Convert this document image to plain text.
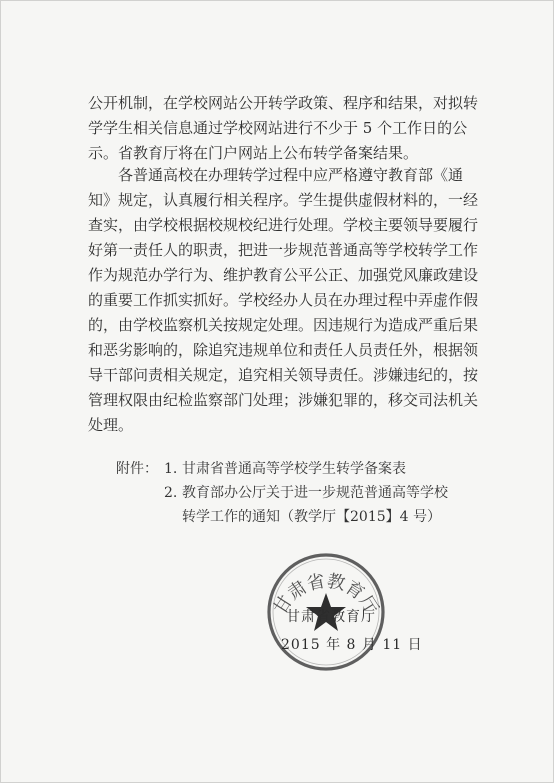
公开机制，在学校网站公开转学政策、程序和结果，对拟转
学学生相关信息通过学校网站进行不少于 5 个工作日的公
示。省教育厅将在门户网站上公布转学备案结果。
各普通高校在办理转学过程中应严格遵守教育部《通
知》规定，认真履行相关程序。学生提供虚假材料的，一经
查实，由学校根据校规校纪进行处理。学校主要领导要履行
好第一责任人的职责，把进一步规范普通高等学校转学工作
作为规范办学行为、维护教育公平公正、加强党风廉政建设
的重要工作抓实抓好。学校经办人员在办理过程中弄虚作假
的，由学校监察机关按规定处理。因违规行为造成严重后果
和恶劣影响的，除追究违规单位和责任人员责任外，根据领
导干部问责相关规定，追究相关领导责任。涉嫌违纪的，按
管理权限由纪检监察部门处理；涉嫌犯罪的，移交司法机关
处理。
附件： 1. 甘肃省普通高等学校学生转学备案表
2. 教育部办公厅关于进一步规范普通高等学校
转学工作的通知（教学厅【2015】4 号）
甘肃省教育厅
甘肃省教育厅
2015 年 8 月 11 日
